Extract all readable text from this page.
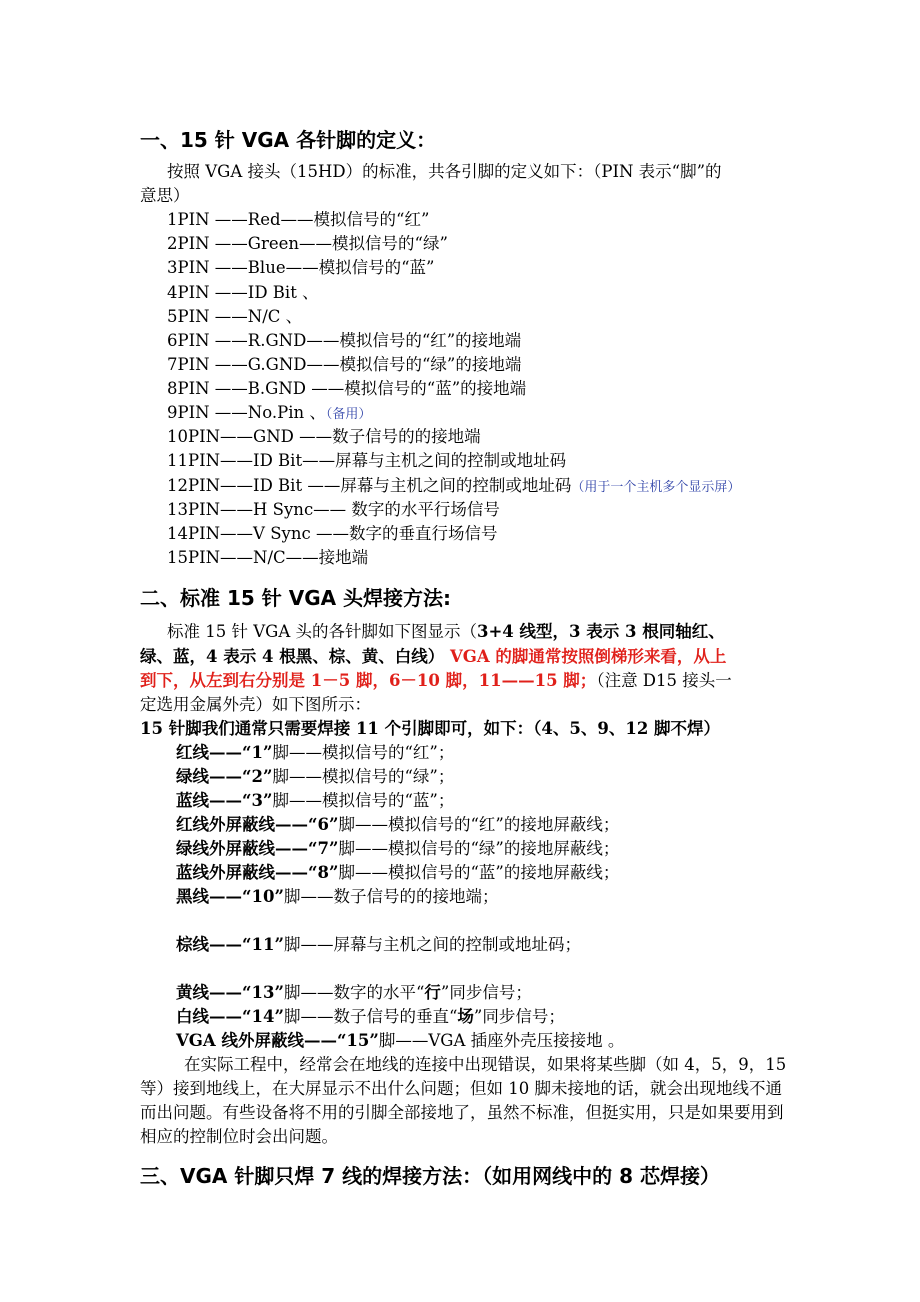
一、15 针 VGA 各针脚的定义：
按照 VGA 接头（15HD）的标准，共各引脚的定义如下：（PIN 表示“脚”的
意思）
1PIN ——Red——模拟信号的“红”
2PIN ——Green——模拟信号的“绿”
3PIN ——Blue——模拟信号的“蓝”
4PIN ——ID Bit 、
5PIN ——N/C 、
6PIN ——R.GND——模拟信号的“红”的接地端
7PIN ——G.GND——模拟信号的“绿”的接地端
8PIN ——B.GND ——模拟信号的“蓝”的接地端
9PIN ——No.Pin 、（备用）
10PIN——GND ——数子信号的的接地端
11PIN——ID Bit——屏幕与主机之间的控制或地址码
12PIN——ID Bit ——屏幕与主机之间的控制或地址码（用于一个主机多个显示屏）
13PIN——H Sync—— 数字的水平行场信号
14PIN——V Sync ——数字的垂直行场信号
15PIN——N/C——接地端
二、标准 15 针 VGA 头焊接方法:
标准 15 针 VGA 头的各针脚如下图显示（3+4 线型，3 表示 3 根同轴红、
绿、蓝，4 表示 4 根黑、棕、黄、白线） VGA 的脚通常按照倒梯形来看，从上
到下，从左到右分别是 1－5 脚，6－10 脚，11——15 脚；（注意 D15 接头一
定选用金属外壳）如下图所示：
15 针脚我们通常只需要焊接 11 个引脚即可，如下：（4、5、9、12 脚不焊）
红线——“1”脚——模拟信号的“红”；
绿线——“2”脚——模拟信号的“绿”；
蓝线——“3”脚——模拟信号的“蓝”；
红线外屏蔽线——“6”脚——模拟信号的“红”的接地屏蔽线；
绿线外屏蔽线——“7”脚——模拟信号的“绿”的接地屏蔽线；
蓝线外屏蔽线——“8”脚——模拟信号的“蓝”的接地屏蔽线；
黑线——“10”脚——数子信号的的接地端；
棕线——“11”脚——屏幕与主机之间的控制或地址码；
黄线——“13”脚——数字的水平“行”同步信号；
白线——“14”脚——数子信号的垂直“场”同步信号；
VGA 线外屏蔽线——“15”脚——VGA 插座外壳压接接地 。
在实际工程中，经常会在地线的连接中出现错误，如果将某些脚（如 4，5，9，15 等）接到地线上，在大屏显示不出什么问题；但如 10 脚未接地的话，就会出现地线不通而出问题。有些设备将不用的引脚全部接地了，虽然不标准，但挺实用，只是如果要用到相应的控制位时会出问题。
三、VGA 针脚只焊 7 线的焊接方法：（如用网线中的 8 芯焊接）
